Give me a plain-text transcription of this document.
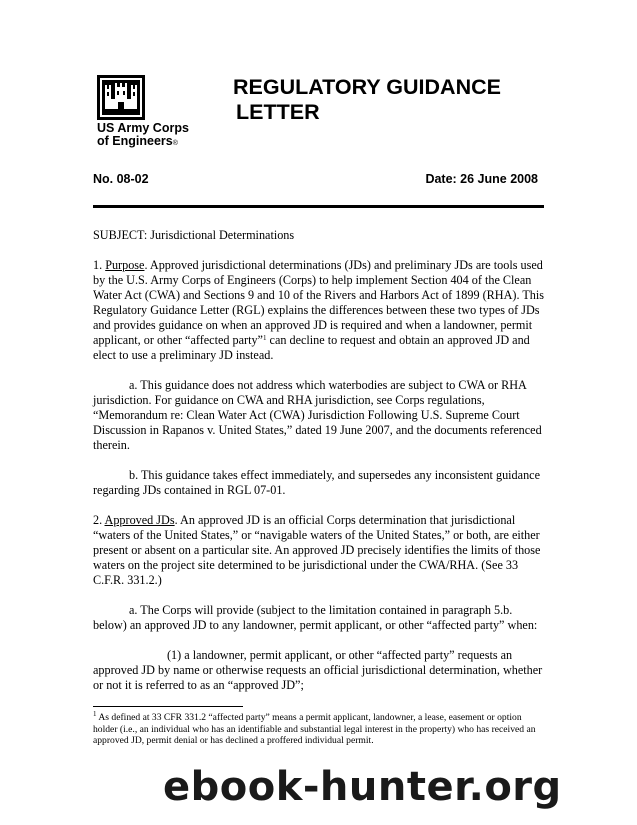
US Army Corps
of Engineers®
REGULATORY GUIDANCE
LETTER
No. 08-02	Date: 26 June 2008

SUBJECT: Jurisdictional Determinations

1. Purpose. Approved jurisdictional determinations (JDs) and preliminary JDs are tools used by the U.S. Army Corps of Engineers (Corps) to help implement Section 404 of the Clean Water Act (CWA) and Sections 9 and 10 of the Rivers and Harbors Act of 1899 (RHA). This Regulatory Guidance Letter (RGL) explains the differences between these two types of JDs and provides guidance on when an approved JD is required and when a landowner, permit applicant, or other “affected party”$^1$ can decline to request and obtain an approved JD and elect to use a preliminary JD instead.

a. This guidance does not address which waterbodies are subject to CWA or RHA jurisdiction. For guidance on CWA and RHA jurisdiction, see Corps regulations, “Memorandum re: Clean Water Act (CWA) Jurisdiction Following U.S. Supreme Court Discussion in Rapanos v. United States,” dated 19 June 2007, and the documents referenced therein.

b. This guidance takes effect immediately, and supersedes any inconsistent guidance regarding JDs contained in RGL 07-01.

2. Approved JDs. An approved JD is an official Corps determination that jurisdictional “waters of the United States,” or “navigable waters of the United States,” or both, are either present or absent on a particular site. An approved JD precisely identifies the limits of those waters on the project site determined to be jurisdictional under the CWA/RHA. (See 33 C.F.R. 331.2.)

a. The Corps will provide (subject to the limitation contained in paragraph 5.b. below) an approved JD to any landowner, permit applicant, or other “affected party” when:

(1) a landowner, permit applicant, or other “affected party” requests an approved JD by name or otherwise requests an official jurisdictional determination, whether or not it is referred to as an “approved JD”;

$^1$ As defined at 33 CFR 331.2 “affected party” means a permit applicant, landowner, a lease, easement or option holder (i.e., an individual who has an identifiable and substantial legal interest in the property) who has received an approved JD, permit denial or has declined a proffered individual permit.
ebook-hunter.org
